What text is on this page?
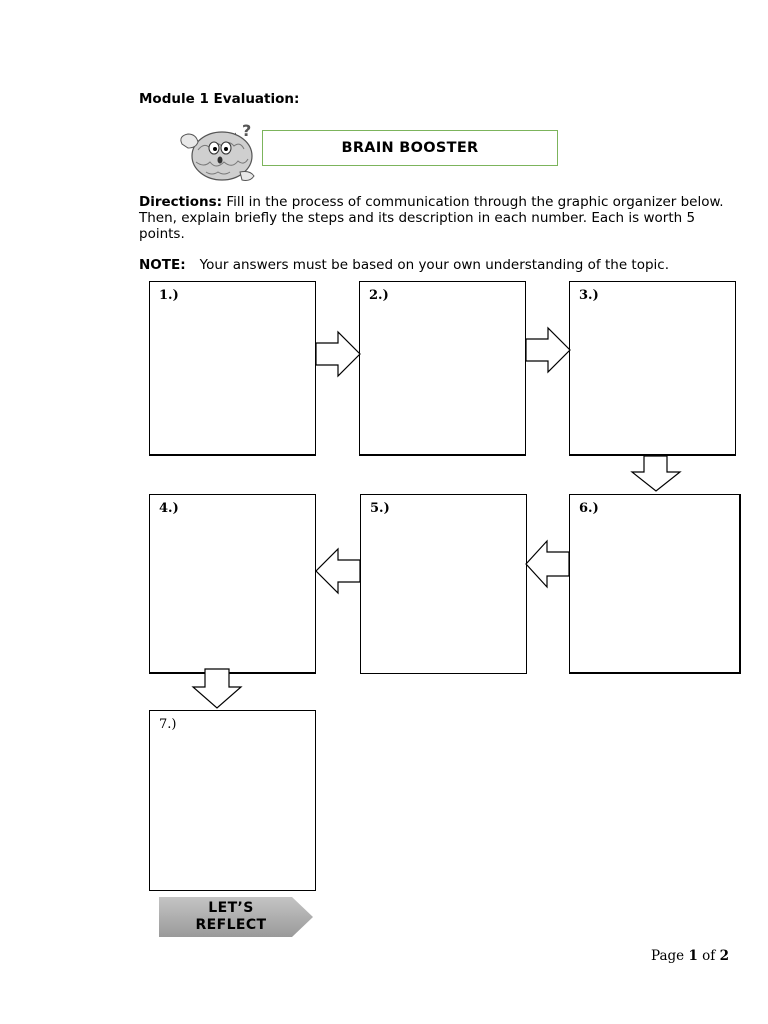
Module 1 Evaluation:
?
,
BRAIN BOOSTER
Directions: Fill in the process of communication through the graphic organizer below. Then, explain briefly the steps and its description in each number. Each is worth 5 points.
NOTE: Your answers must be based on your own understanding of the topic.
1.)	2.)	3.)
4.)	5.)	6.)
7.)
LET’S
REFLECT
Page 1 of 2
